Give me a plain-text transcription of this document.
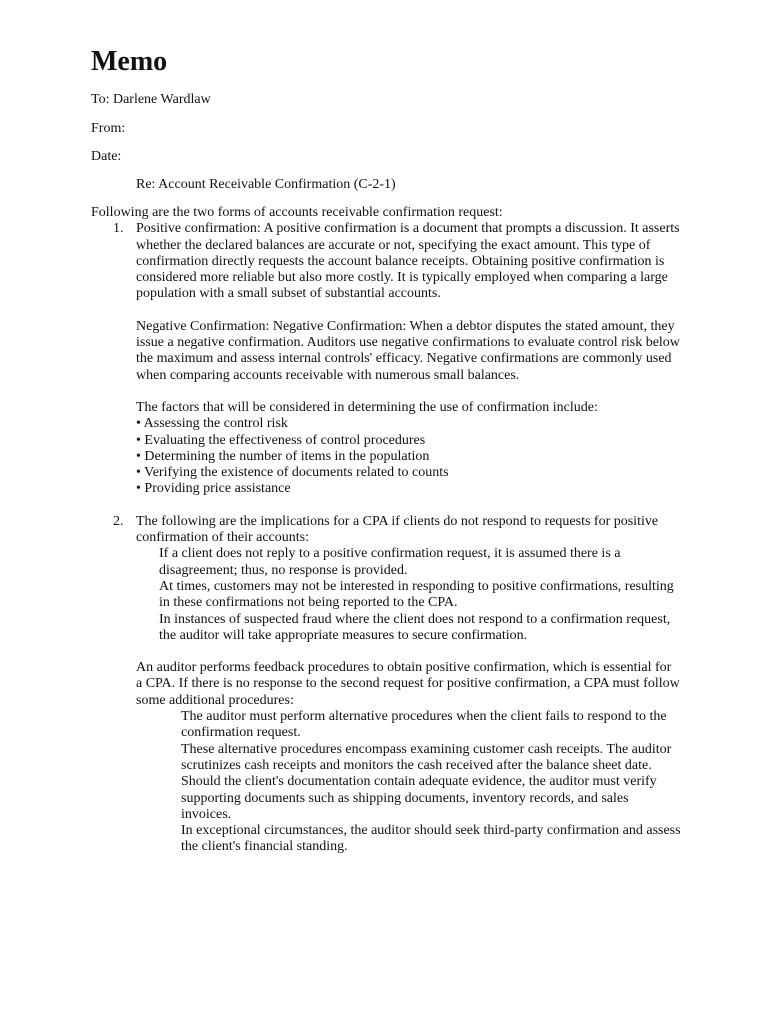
Memo

To: Darlene Wardlaw

From:

Date:

Re: Account Receivable Confirmation (C-2-1)

Following are the two forms of accounts receivable confirmation request:

1. Positive confirmation: A positive confirmation is a document that prompts a discussion. It asserts whether the declared balances are accurate or not, specifying the exact amount. This type of confirmation directly requests the account balance receipts. Obtaining positive confirmation is considered more reliable but also more costly. It is typically employed when comparing a large population with a small subset of substantial accounts.

Negative Confirmation: Negative Confirmation: When a debtor disputes the stated amount, they issue a negative confirmation. Auditors use negative confirmations to evaluate control risk below the maximum and assess internal controls' efficacy. Negative confirmations are commonly used when comparing accounts receivable with numerous small balances.

The factors that will be considered in determining the use of confirmation include:

• Assessing the control risk

• Evaluating the effectiveness of control procedures

• Determining the number of items in the population

• Verifying the existence of documents related to counts

• Providing price assistance

2. The following are the implications for a CPA if clients do not respond to requests for positive confirmation of their accounts:

If a client does not reply to a positive confirmation request, it is assumed there is a disagreement; thus, no response is provided.

At times, customers may not be interested in responding to positive confirmations, resulting in these confirmations not being reported to the CPA.

In instances of suspected fraud where the client does not respond to a confirmation request, the auditor will take appropriate measures to secure confirmation.

An auditor performs feedback procedures to obtain positive confirmation, which is essential for a CPA. If there is no response to the second request for positive confirmation, a CPA must follow some additional procedures:

The auditor must perform alternative procedures when the client fails to respond to the confirmation request.

These alternative procedures encompass examining customer cash receipts. The auditor scrutinizes cash receipts and monitors the cash received after the balance sheet date.

Should the client's documentation contain adequate evidence, the auditor must verify supporting documents such as shipping documents, inventory records, and sales invoices.

In exceptional circumstances, the auditor should seek third-party confirmation and assess the client's financial standing.
